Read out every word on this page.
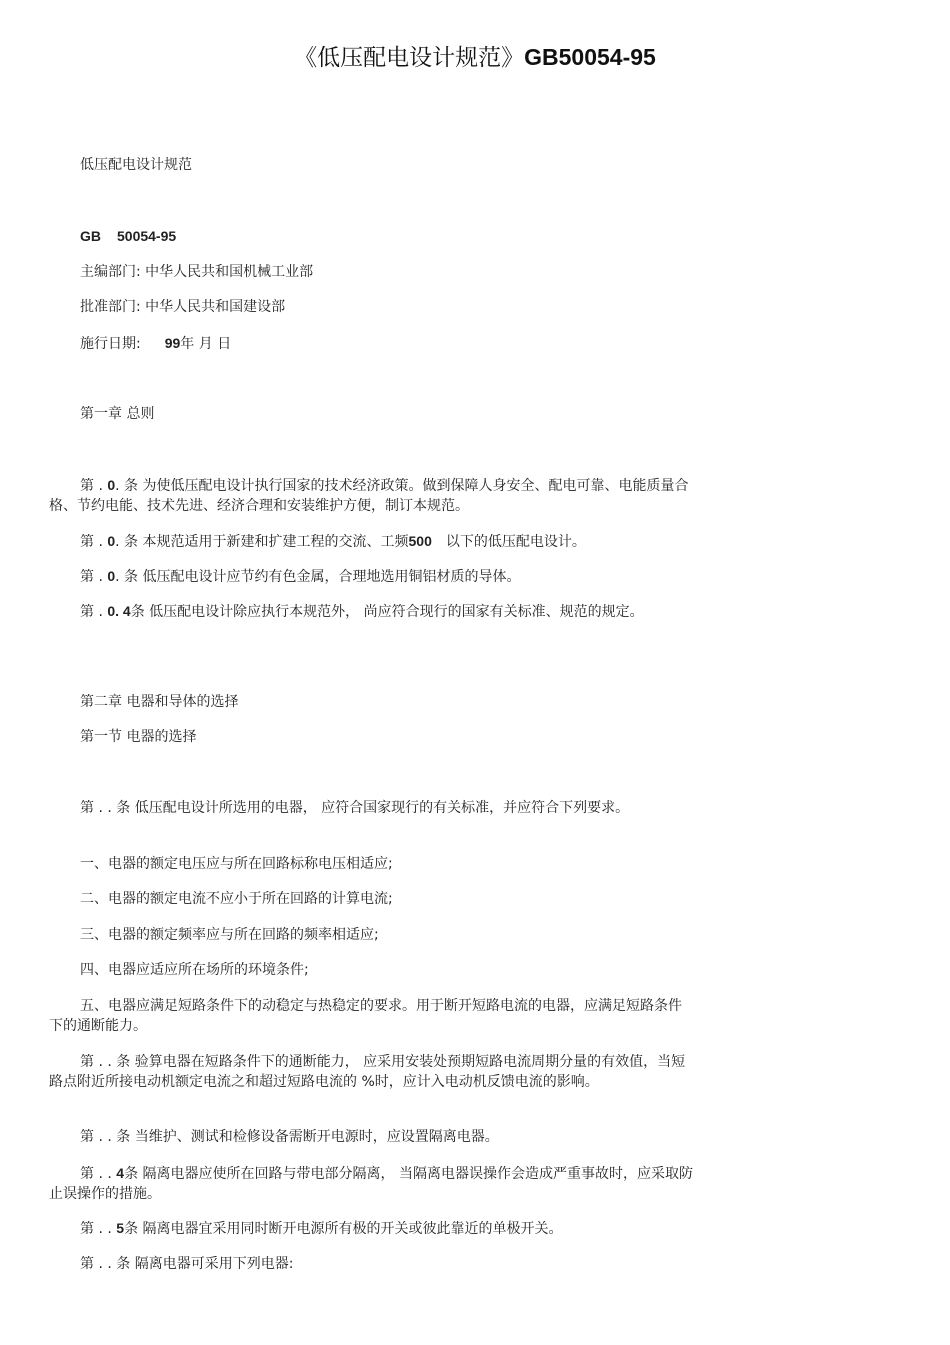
《低压配电设计规范》GB50054-95
低压配电设计规范
GB 50054-95
主编部门: 中华人民共和国机械工业部
批准部门: 中华人民共和国建设部
施行日期: 99年 月 日
第一章 总则
第 . 0. 条 为使低压配电设计执行国家的技术经济政策。做到保障人身安全、配电可靠、电能质量合格、节约电能、技术先进、经济合理和安装维护方便，制订本规范。
第 . 0. 条 本规范适用于新建和扩建工程的交流、工频500 以下的低压配电设计。
第 . 0. 条 低压配电设计应节约有色金属，合理地选用铜铝材质的导体。
第 . 0. 4条 低压配电设计除应执行本规范外， 尚应符合现行的国家有关标准、规范的规定。
第二章 电器和导体的选择
第一节 电器的选择
第 . . 条 低压配电设计所选用的电器， 应符合国家现行的有关标准，并应符合下列要求。
一、电器的额定电压应与所在回路标称电压相适应;
二、电器的额定电流不应小于所在回路的计算电流;
三、电器的额定频率应与所在回路的频率相适应;
四、电器应适应所在场所的环境条件;
五、电器应满足短路条件下的动稳定与热稳定的要求。用于断开短路电流的电器，应满足短路条件下的通断能力。
第 . . 条 验算电器在短路条件下的通断能力， 应采用安装处预期短路电流周期分量的有效值，当短路点附近所接电动机额定电流之和超过短路电流的 %时，应计入电动机反馈电流的影响。
第 . . 条 当维护、测试和检修设备需断开电源时，应设置隔离电器。
第 . . 4条 隔离电器应使所在回路与带电部分隔离， 当隔离电器误操作会造成严重事故时，应采取防止误操作的措施。
第 . . 5条 隔离电器宜采用同时断开电源所有极的开关或彼此靠近的单极开关。
第 . . 条 隔离电器可采用下列电器:
